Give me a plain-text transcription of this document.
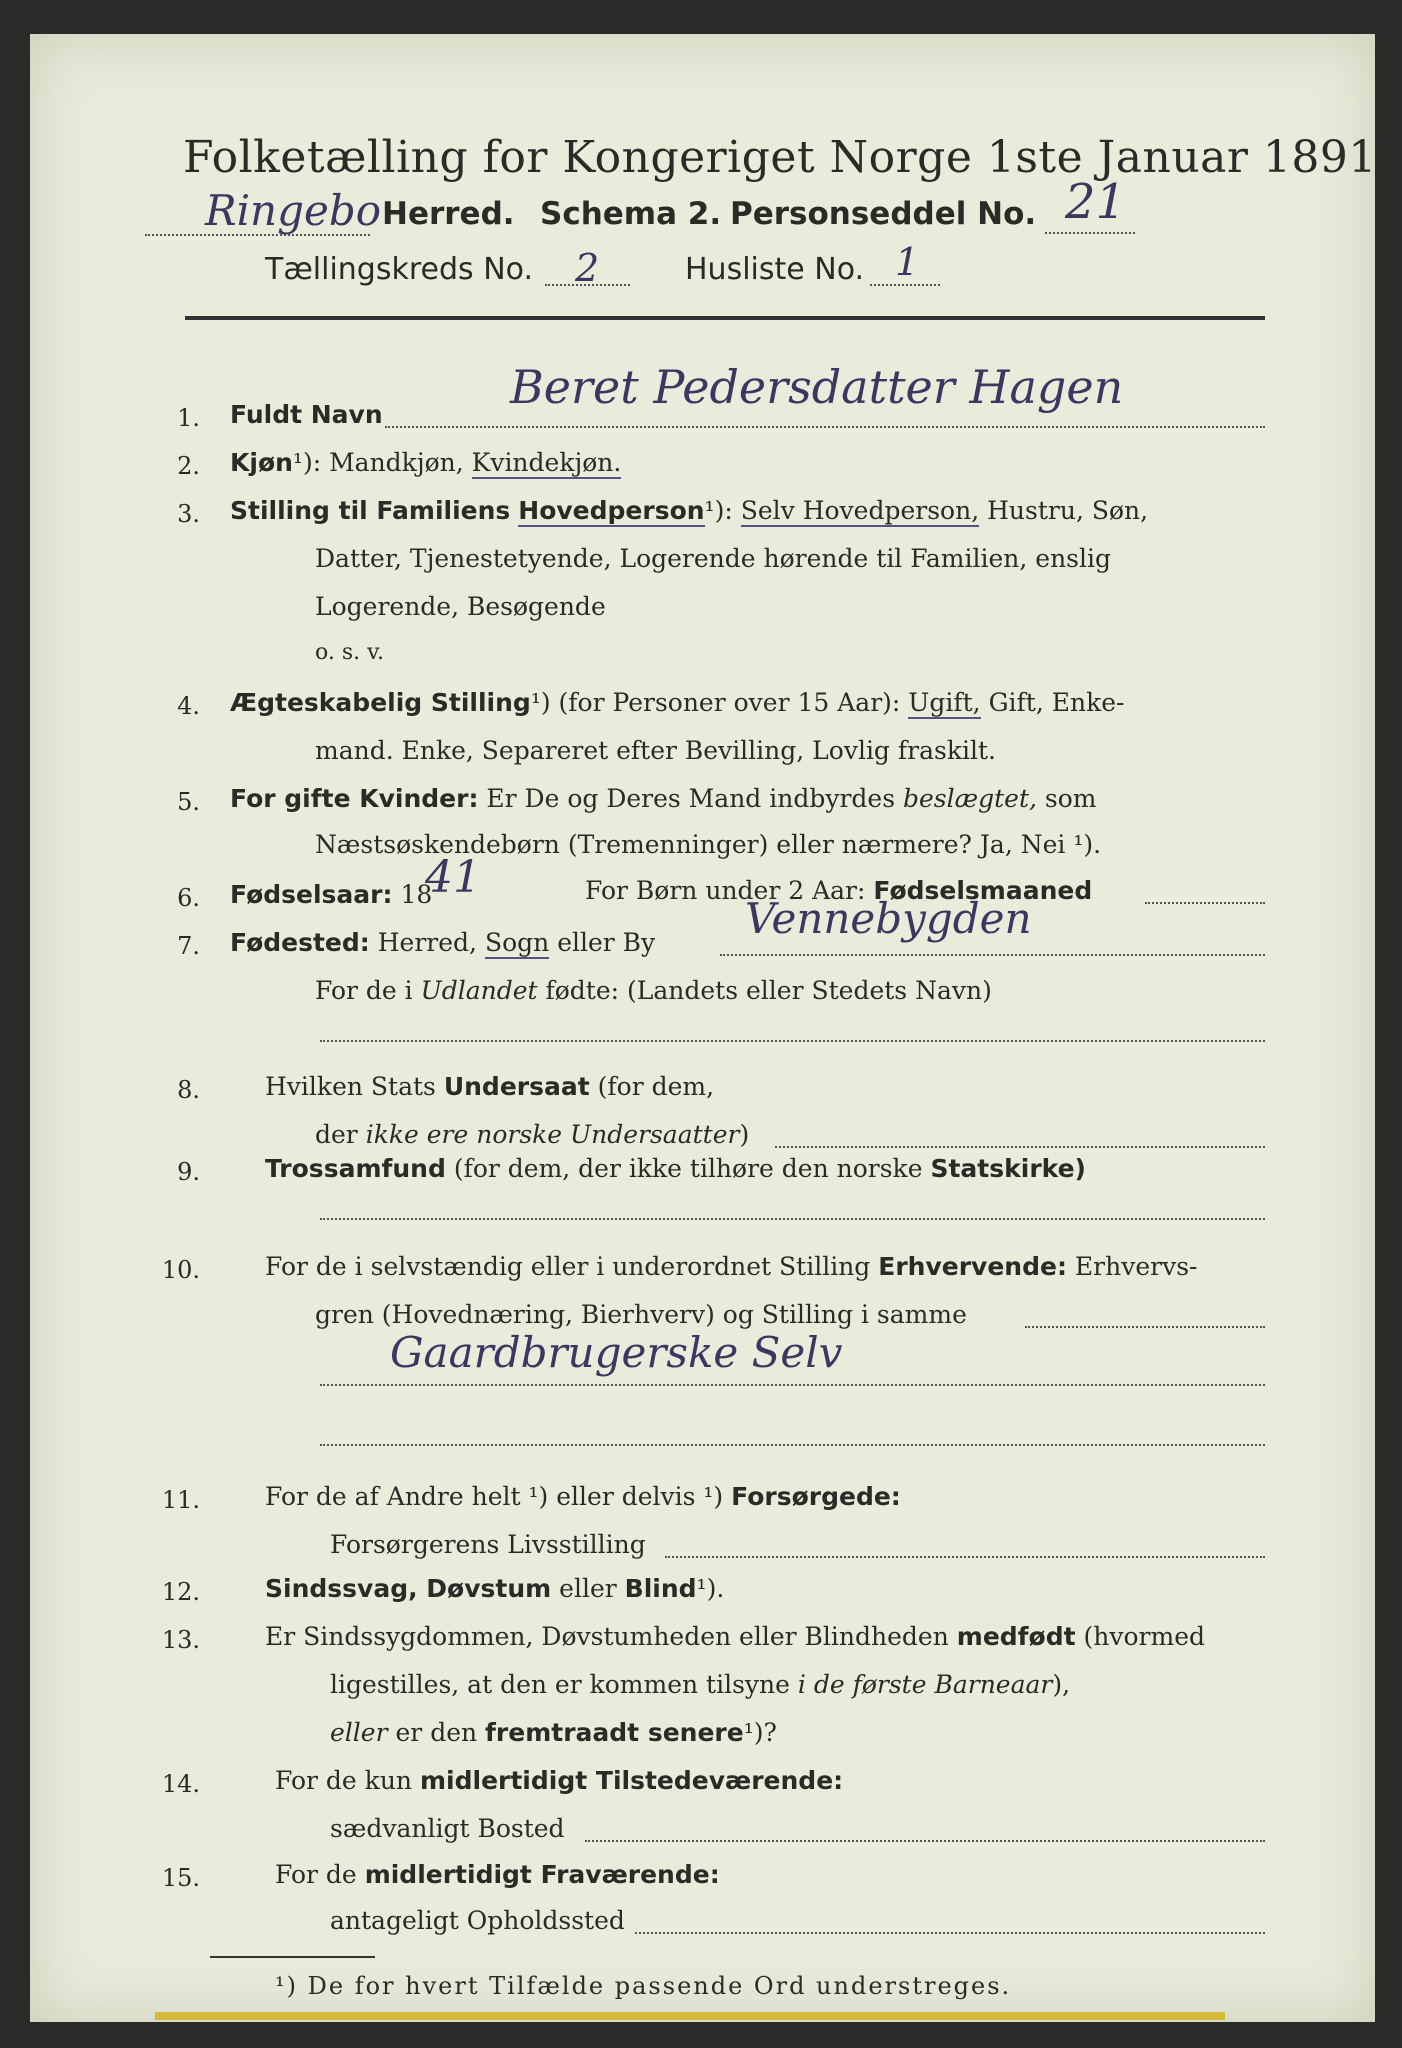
Folketælling for Kongeriget Norge 1ste Januar 1891.
Ringebo Herred. Schema 2. Personseddel No. 21
Tællingskreds No. 2	Husliste No. 1
1. Fuldt Navn
Beret Pedersdatter Hagen
2. Kjøn¹): Mandkjøn, Kvindekjøn.
3. Stilling til Familiens Hovedperson¹): Selv Hovedperson, Hustru, Søn,
Datter, Tjenestetyende, Logerende hørende til Familien, enslig
Logerende, Besøgende
o. s. v.
4. Ægteskabelig Stilling¹) (for Personer over 15 Aar): Ugift, Gift, Enke-
mand. Enke, Separeret efter Bevilling, Lovlig fraskilt.
5. For gifte Kvinder: Er De og Deres Mand indbyrdes beslægtet, som
Næstsøskendebørn (Tremenninger) eller nærmere? Ja, Nei ¹).
6. Fødselsaar: 18
41	For Børn under 2 Aar: Fødselsmaaned
7. Fødested: Herred, Sogn eller By Vennebygden
For de i Udlandet fødte: (Landets eller Stedets Navn)
8.	Hvilken Stats Undersaat (for dem,
der ikke ere norske Undersaatter)
9.	Trossamfund (for dem, der ikke tilhøre den norske Statskirke)
10.	For de i selvstændig eller i underordnet Stilling Erhvervende: Erhvervs-
gren (Hovednæring, Bierhverv) og Stilling i samme
Gaardbrugerske Selv
11.	For de af Andre helt ¹) eller delvis ¹) Forsørgede:
Forsørgerens Livsstilling
12.	Sindssvag, Døvstum eller Blind¹).
13.	Er Sindssygdommen, Døvstumheden eller Blindheden medfødt (hvormed
ligestilles, at den er kommen tilsyne i de første Barneaar),
eller er den fremtraadt senere¹)?
14.	For de kun midlertidigt Tilstedeværende:
sædvanligt Bosted
15.	For de midlertidigt Fraværende:
antageligt Opholdssted
¹) De for hvert Tilfælde passende Ord understreges.
